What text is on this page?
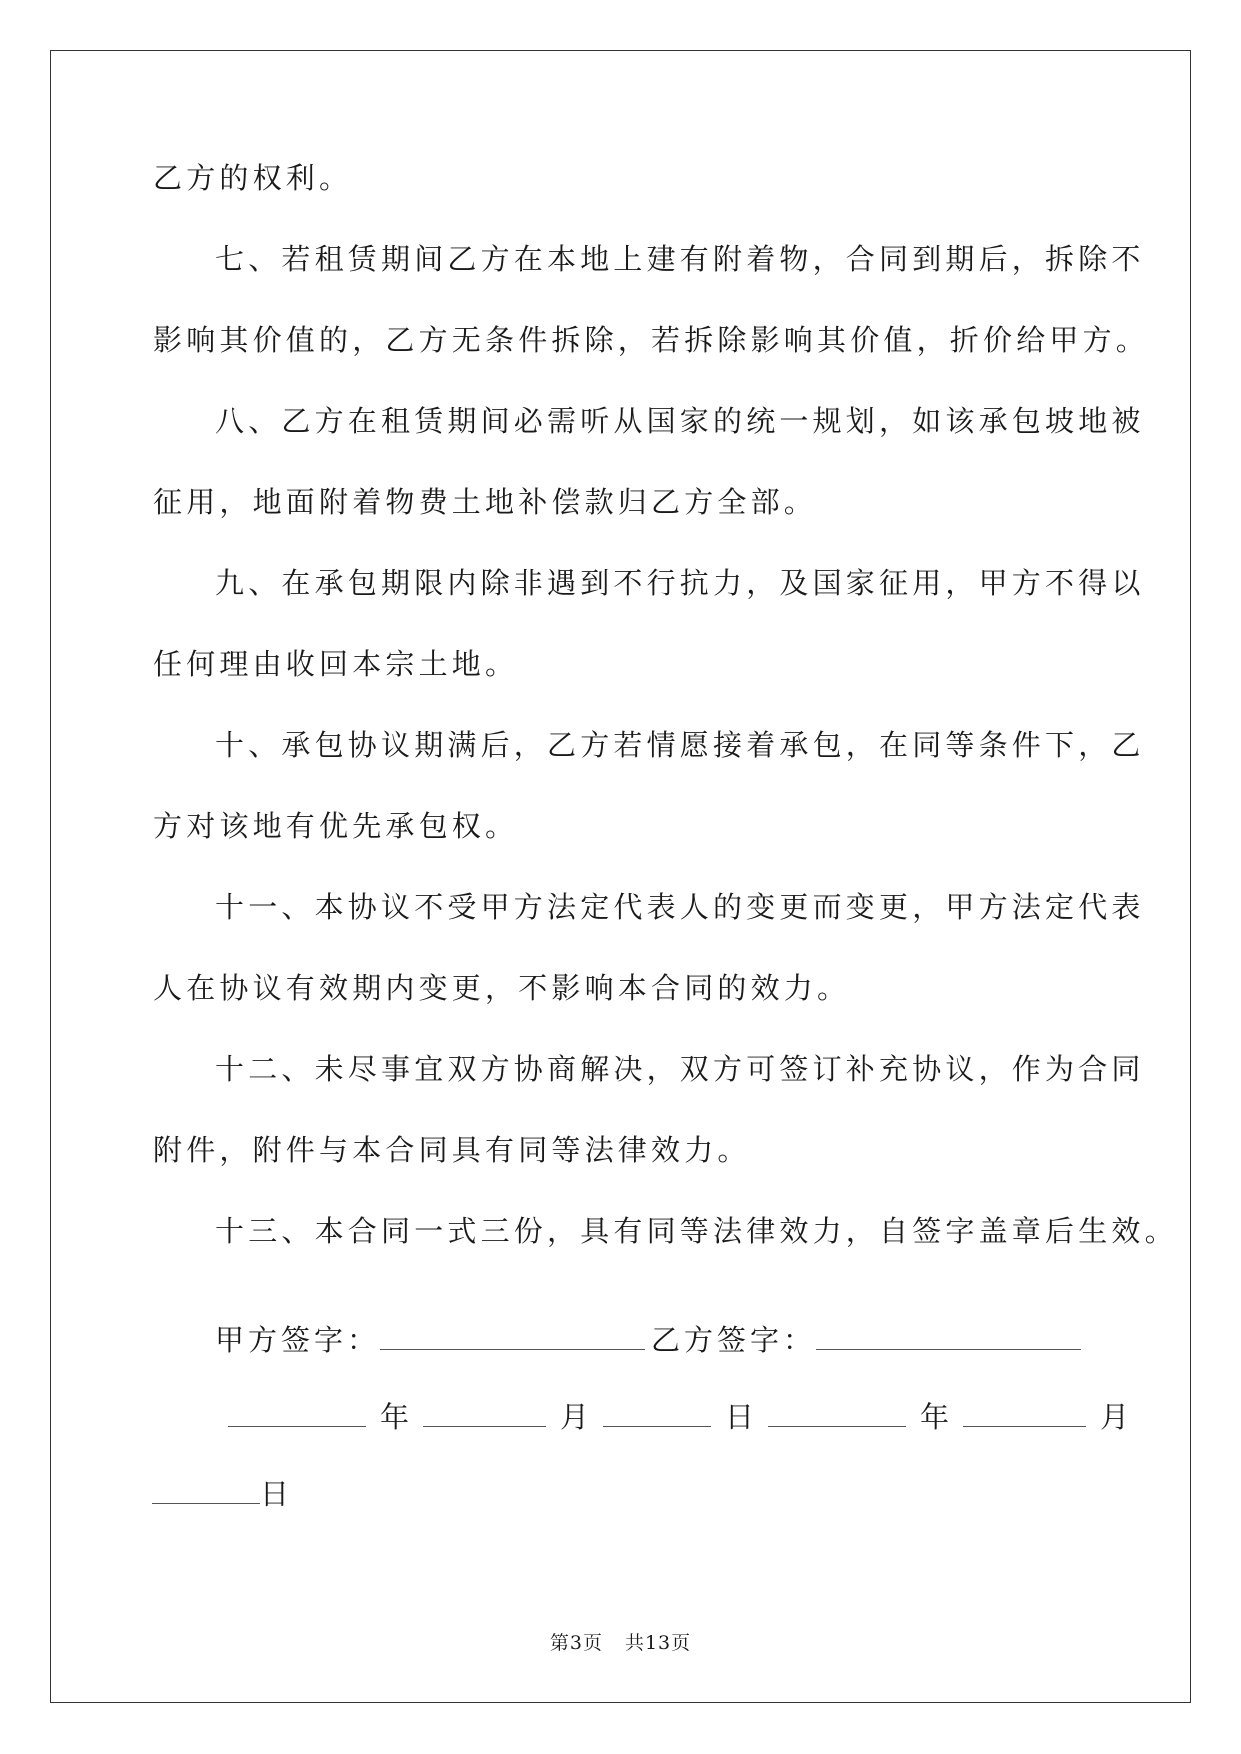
乙方的权利。
七、若租赁期间乙方在本地上建有附着物，合同到期后，拆除不
影响其价值的，乙方无条件拆除，若拆除影响其价值，折价给甲方。
八、乙方在租赁期间必需听从国家的统一规划，如该承包坡地被
征用，地面附着物费土地补偿款归乙方全部。
九、在承包期限内除非遇到不行抗力，及国家征用，甲方不得以
任何理由收回本宗土地。
十、承包协议期满后，乙方若情愿接着承包，在同等条件下，乙
方对该地有优先承包权。
十一、本协议不受甲方法定代表人的变更而变更，甲方法定代表
人在协议有效期内变更，不影响本合同的效力。
十二、未尽事宜双方协商解决，双方可签订补充协议，作为合同
附件，附件与本合同具有同等法律效力。
十三、本合同一式三份，具有同等法律效力，自签字盖章后生效。
甲方签字：	乙方签字：
年	月	日	年	月
日
第3页 共13页
